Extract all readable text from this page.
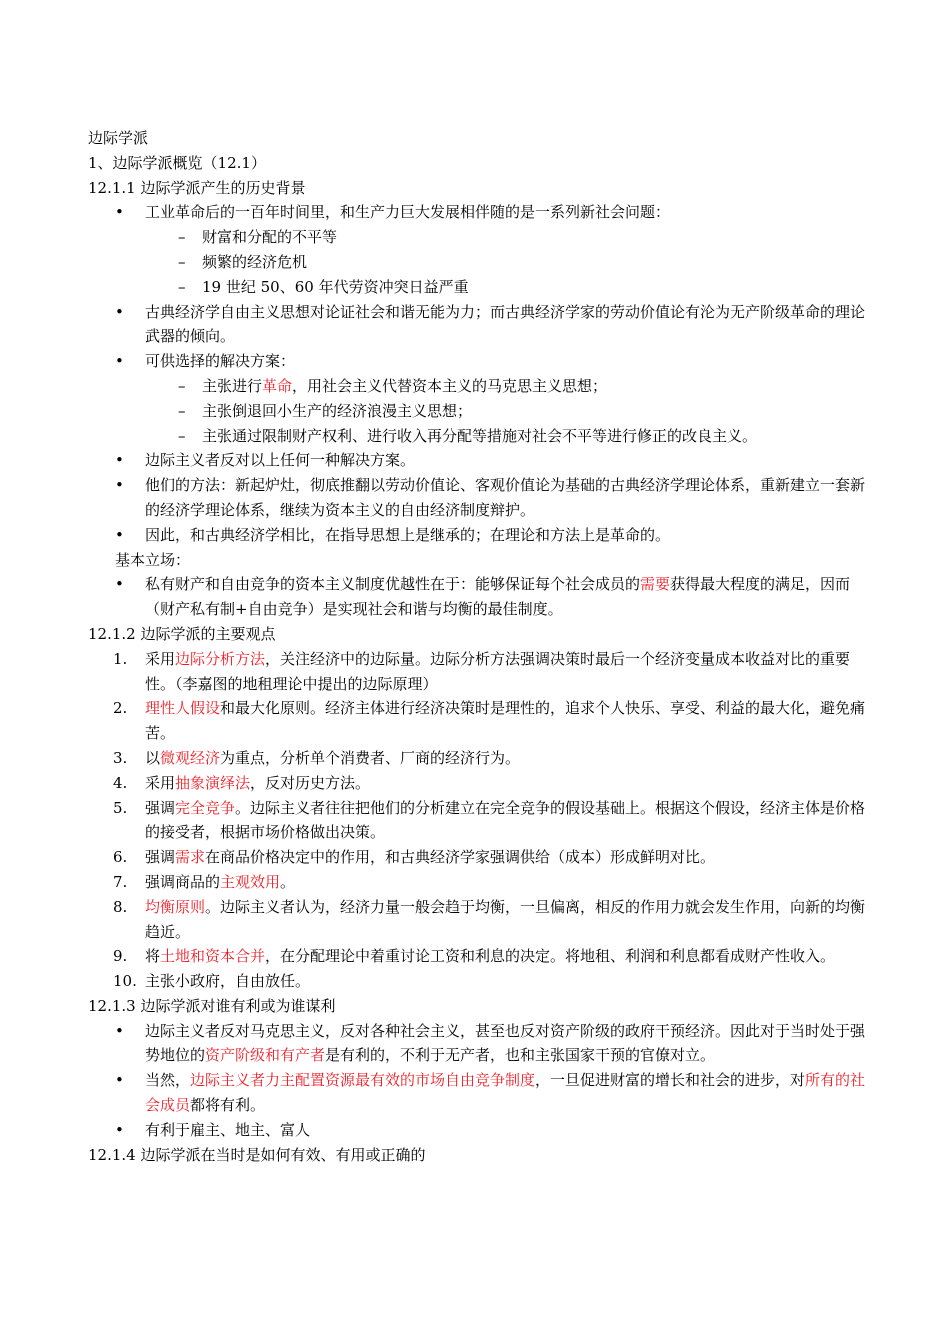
边际学派
1、边际学派概览（12.1）
12.1.1 边际学派产生的历史背景
• 工业革命后的一百年时间里，和生产力巨大发展相伴随的是一系列新社会问题：
– 财富和分配的不平等
– 频繁的经济危机
– 19 世纪 50、60 年代劳资冲突日益严重
• 古典经济学自由主义思想对论证社会和谐无能为力；而古典经济学家的劳动价值论有沦为无产阶级革命的理论武器的倾向。
• 可供选择的解决方案：
– 主张进行革命，用社会主义代替资本主义的马克思主义思想；
– 主张倒退回小生产的经济浪漫主义思想；
– 主张通过限制财产权利、进行收入再分配等措施对社会不平等进行修正的改良主义。
• 边际主义者反对以上任何一种解决方案。
• 他们的方法：新起炉灶，彻底推翻以劳动价值论、客观价值论为基础的古典经济学理论体系，重新建立一套新的经济学理论体系，继续为资本主义的自由经济制度辩护。
• 因此，和古典经济学相比，在指导思想上是继承的；在理论和方法上是革命的。
基本立场：
• 私有财产和自由竞争的资本主义制度优越性在于：能够保证每个社会成员的需要获得最大程度的满足，因而（财产私有制+自由竞争）是实现社会和谐与均衡的最佳制度。
12.1.2 边际学派的主要观点
1. 采用边际分析方法，关注经济中的边际量。边际分析方法强调决策时最后一个经济变量成本收益对比的重要性。（李嘉图的地租理论中提出的边际原理）
2. 理性人假设和最大化原则。经济主体进行经济决策时是理性的，追求个人快乐、享受、利益的最大化，避免痛苦。
3. 以微观经济为重点，分析单个消费者、厂商的经济行为。
4. 采用抽象演绎法，反对历史方法。
5. 强调完全竞争。边际主义者往往把他们的分析建立在完全竞争的假设基础上。根据这个假设，经济主体是价格的接受者，根据市场价格做出决策。
6. 强调需求在商品价格决定中的作用，和古典经济学家强调供给（成本）形成鲜明对比。
7. 强调商品的主观效用。
8. 均衡原则。边际主义者认为，经济力量一般会趋于均衡，一旦偏离，相反的作用力就会发生作用，向新的均衡趋近。
9. 将土地和资本合并，在分配理论中着重讨论工资和利息的决定。将地租、利润和利息都看成财产性收入。
10. 主张小政府，自由放任。
12.1.3 边际学派对谁有利或为谁谋利
• 边际主义者反对马克思主义，反对各种社会主义，甚至也反对资产阶级的政府干预经济。因此对于当时处于强势地位的资产阶级和有产者是有利的，不利于无产者，也和主张国家干预的官僚对立。
• 当然，边际主义者力主配置资源最有效的市场自由竞争制度，一旦促进财富的增长和社会的进步，对所有的社会成员都将有利。
• 有利于雇主、地主、富人
12.1.4 边际学派在当时是如何有效、有用或正确的
